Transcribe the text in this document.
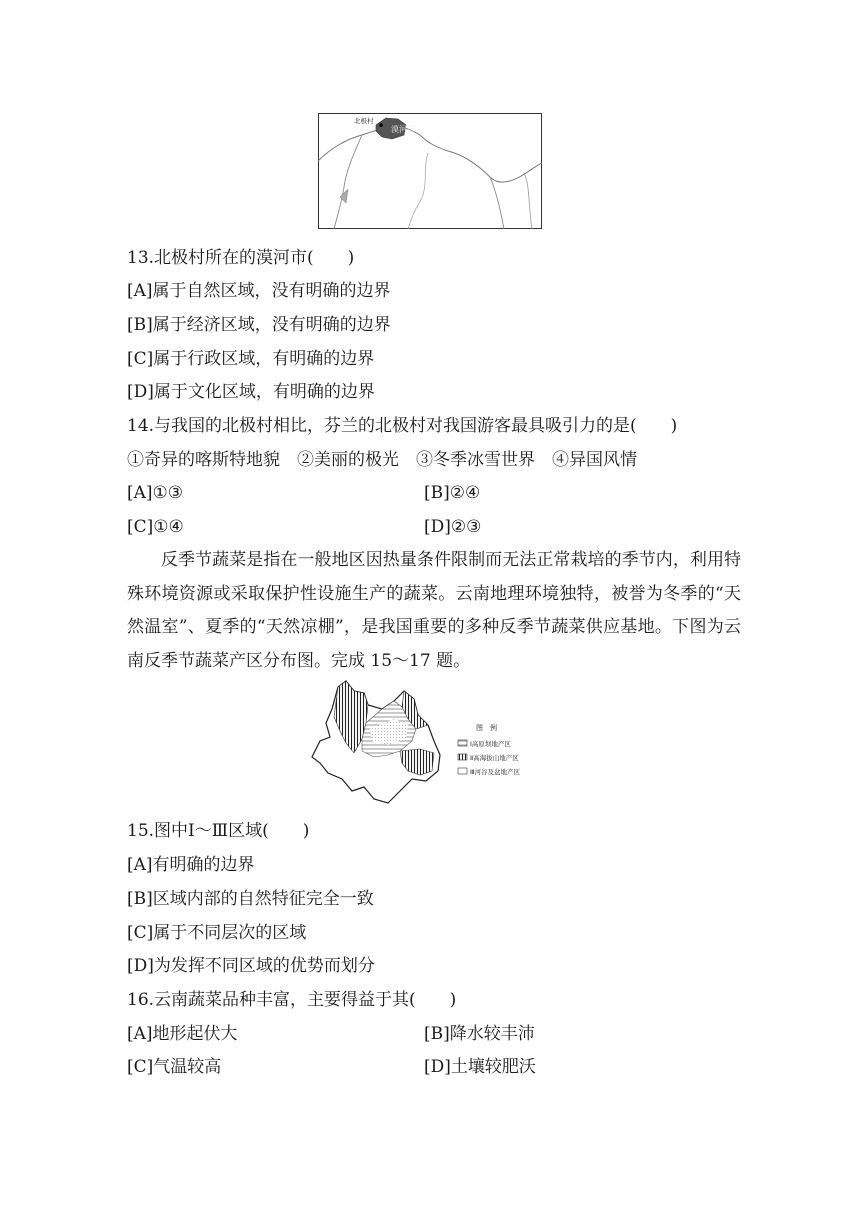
北极村
漠河市
13.北极村所在的漠河市(　　)
[A]属于自然区域，没有明确的边界
[B]属于经济区域，没有明确的边界
[C]属于行政区域，有明确的边界
[D]属于文化区域，有明确的边界
14.与我国的北极村相比，芬兰的北极村对我国游客最具吸引力的是(　　)
①奇异的喀斯特地貌　②美丽的极光　③冬季冰雪世界　④异国风情
[A]①③	[B]②④
[C]①④	[D]②③
反季节蔬菜是指在一般地区因热量条件限制而无法正常栽培的季节内，利用特殊环境资源或采取保护性设施生产的蔬菜。云南地理环境独特，被誉为冬季的“天然温室”、夏季的“天然凉棚”，是我国重要的多种反季节蔬菜供应基地。下图为云南反季节蔬菜产区分布图。完成 15～17 题。
图　例
Ⅰ高原坝地产区
Ⅱ高海拔山地产区
Ⅲ河谷及盆地产区
15.图中Ⅰ～Ⅲ区域(　　)
[A]有明确的边界
[B]区域内部的自然特征完全一致
[C]属于不同层次的区域
[D]为发挥不同区域的优势而划分
16.云南蔬菜品种丰富，主要得益于其(　　)
[A]地形起伏大	[B]降水较丰沛
[C]气温较高	[D]土壤较肥沃
